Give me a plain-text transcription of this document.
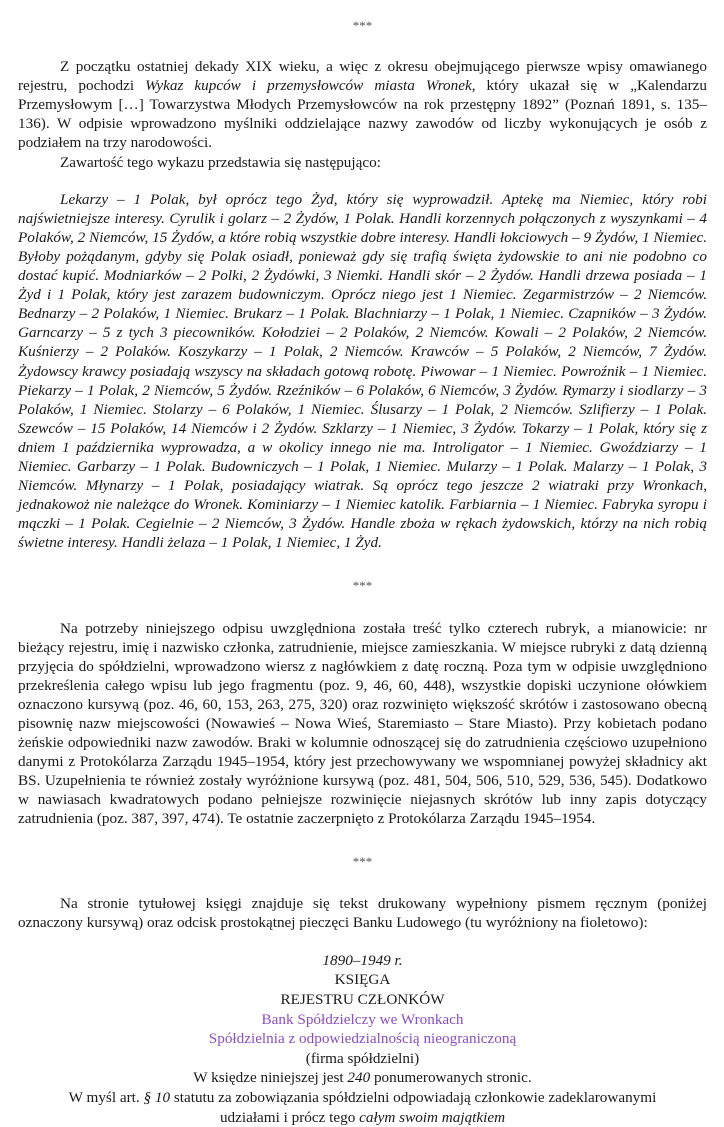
***

Z początku ostatniej dekady XIX wieku, a więc z okresu obejmującego pierwsze wpisy omawianego rejestru, pochodzi Wykaz kupców i przemysłowców miasta Wronek, który ukazał się w „Kalendarzu Przemysłowym […] Towarzystwa Młodych Przemysłowców na rok przestępny 1892” (Poznań 1891, s. 135–136). W odpisie wprowadzono myślniki oddzielające nazwy zawodów od liczby wykonujących je osób z podziałem na trzy narodowości.

Zawartość tego wykazu przedstawia się następująco:

Lekarzy – 1 Polak, był oprócz tego Żyd, który się wyprowadził. Aptekę ma Niemiec, który robi najświetniejsze interesy. Cyrulik i golarz – 2 Żydów, 1 Polak. Handli korzennych połączonych z wyszynkami – 4 Polaków, 2 Niemców, 15 Żydów, a które robią wszystkie dobre interesy. Handli łokciowych – 9 Żydów, 1 Niemiec. Byłoby pożądanym, gdyby się Polak osiadł, ponieważ gdy się trafią święta żydowskie to ani nie podobno co dostać kupić. Modniarków – 2 Polki, 2 Żydówki, 3 Niemki. Handli skór – 2 Żydów. Handli drzewa posiada – 1 Żyd i 1 Polak, który jest zarazem budowniczym. Oprócz niego jest 1 Niemiec. Zegarmistrzów – 2 Niemców. Bednarzy – 2 Polaków, 1 Niemiec. Brukarz – 1 Polak. Blachniarzy – 1 Polak, 1 Niemiec. Czapników – 3 Żydów. Garncarzy – 5 z tych 3 piecowników. Kołodziei – 2 Polaków, 2 Niemców. Kowali – 2 Polaków, 2 Niemców. Kuśnierzy – 2 Polaków. Koszykarzy – 1 Polak, 2 Niemców. Krawców – 5 Polaków, 2 Niemców, 7 Żydów. Żydowscy krawcy posiadają wszyscy na składach gotową robotę. Piwowar – 1 Niemiec. Powroźnik – 1 Niemiec. Piekarzy – 1 Polak, 2 Niemców, 5 Żydów. Rzeźników – 6 Polaków, 6 Niemców, 3 Żydów. Rymarzy i siodlarzy – 3 Polaków, 1 Niemiec. Stolarzy – 6 Polaków, 1 Niemiec. Ślusarzy – 1 Polak, 2 Niemców. Szlifierzy – 1 Polak. Szewców – 15 Polaków, 14 Niemców i 2 Żydów. Szklarzy – 1 Niemiec, 3 Żydów. Tokarzy – 1 Polak, który się z dniem 1 października wyprowadza, a w okolicy innego nie ma. Introligator – 1 Niemiec. Gwoździarzy – 1 Niemiec. Garbarzy – 1 Polak. Budowniczych – 1 Polak, 1 Niemiec. Mularzy – 1 Polak. Malarzy – 1 Polak, 3 Niemców. Młynarzy – 1 Polak, posiadający wiatrak. Są oprócz tego jeszcze 2 wiatraki przy Wronkach, jednakowoż nie należące do Wronek. Kominiarzy – 1 Niemiec katolik. Farbiarnia – 1 Niemiec. Fabryka syropu i mączki – 1 Polak. Cegielnie – 2 Niemców, 3 Żydów. Handle zboża w rękach żydowskich, którzy na nich robią świetne interesy. Handli żelaza – 1 Polak, 1 Niemiec, 1 Żyd.

***

Na potrzeby niniejszego odpisu uwzględniona została treść tylko czterech rubryk, a mianowicie: nr bieżący rejestru, imię i nazwisko członka, zatrudnienie, miejsce zamieszkania. W miejsce rubryki z datą dzienną przyjęcia do spółdzielni, wprowadzono wiersz z nagłówkiem z datę roczną. Poza tym w odpisie uwzględniono przekreślenia całego wpisu lub jego fragmentu (poz. 9, 46, 60, 448), wszystkie dopiski uczynione ołówkiem oznaczono kursywą (poz. 46, 60, 153, 263, 275, 320) oraz rozwinięto większość skrótów i zastosowano obecną pisownię nazw miejscowości (Nowawieś – Nowa Wieś, Staremiasto – Stare Miasto). Przy kobietach podano żeńskie odpowiedniki nazw zawodów. Braki w kolumnie odnoszącej się do zatrudnienia częściowo uzupełniono danymi z Protokólarza Zarządu 1945–1954, który jest przechowywany we wspomnianej powyżej składnicy akt BS. Uzupełnienia te również zostały wyróżnione kursywą (poz. 481, 504, 506, 510, 529, 536, 545). Dodatkowo w nawiasach kwadratowych podano pełniejsze rozwinięcie niejasnych skrótów lub inny zapis dotyczący zatrudnienia (poz. 387, 397, 474). Te ostatnie zaczerpnięto z Protokólarza Zarządu 1945–1954.

***

Na stronie tytułowej księgi znajduje się tekst drukowany wypełniony pismem ręcznym (poniżej oznaczony kursywą) oraz odcisk prostokątnej pieczęci Banku Ludowego (tu wyróżniony na fioletowo):

1890–1949 r.
KSIĘGA
REJESTRU CZŁONKÓW
Bank Spółdzielczy we Wronkach
Spółdzielnia z odpowiedzialnością nieograniczoną
(firma spółdzielni)
W księdze niniejszej jest 240 ponumerowanych stronic.
W myśl art. § 10 statutu za zobowiązania spółdzielni odpowiadają członkowie zadeklarowanymi
udziałami i prócz tego całym swoim majątkiem
